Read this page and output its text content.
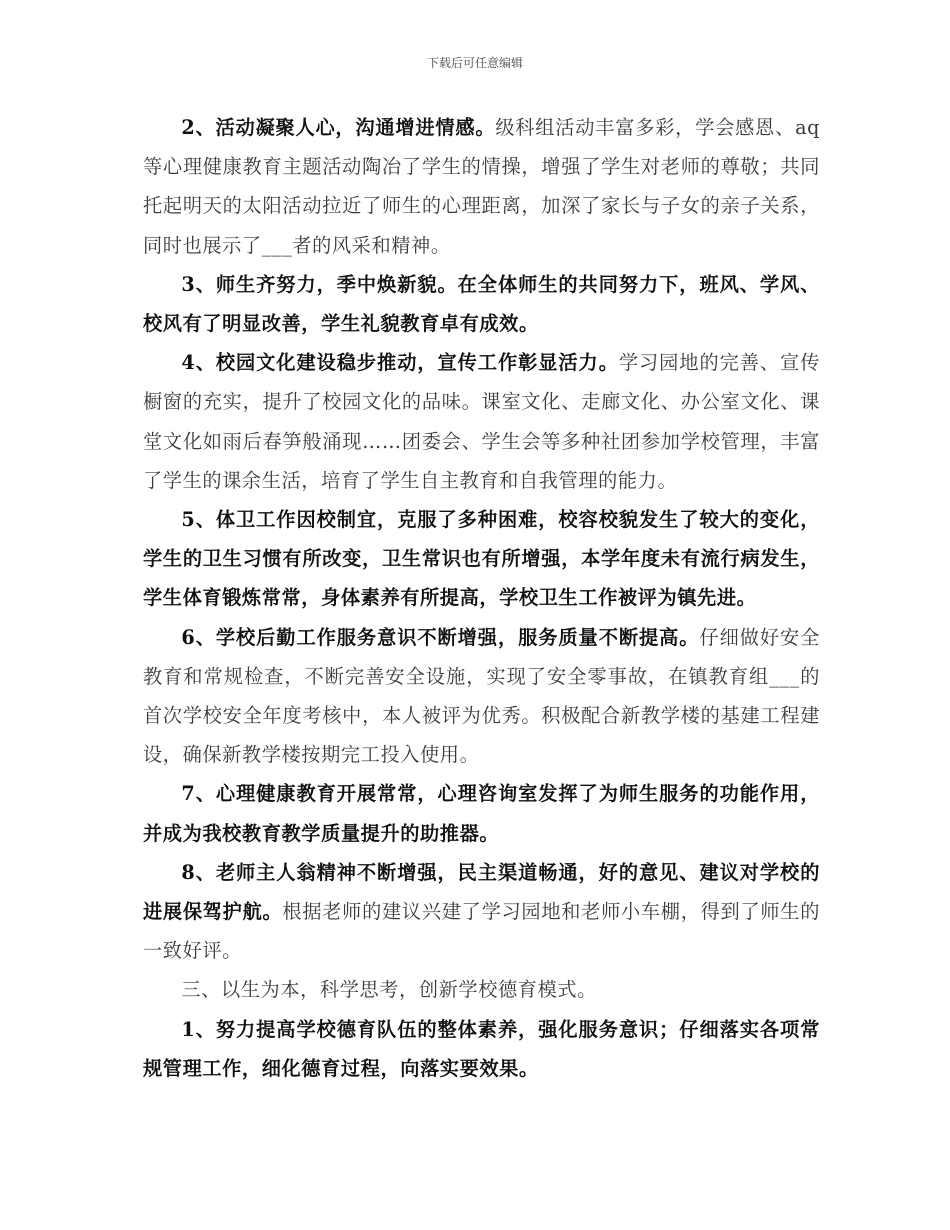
下载后可任意编辑

2、活动凝聚人心，沟通增进情感。级科组活动丰富多彩，学会感恩、aq等心理健康教育主题活动陶冶了学生的情操，增强了学生对老师的尊敬；共同托起明天的太阳活动拉近了师生的心理距离，加深了家长与子女的亲子关系，同时也展示了___者的风采和精神。

3、师生齐努力，季中焕新貌。在全体师生的共同努力下，班风、学风、校风有了明显改善，学生礼貌教育卓有成效。

4、校园文化建设稳步推动，宣传工作彰显活力。学习园地的完善、宣传橱窗的充实，提升了校园文化的品味。课室文化、走廊文化、办公室文化、课堂文化如雨后春笋般涌现……团委会、学生会等多种社团参加学校管理，丰富了学生的课余生活，培育了学生自主教育和自我管理的能力。

5、体卫工作因校制宜，克服了多种困难，校容校貌发生了较大的变化，学生的卫生习惯有所改变，卫生常识也有所增强，本学年度未有流行病发生，学生体育锻炼常常，身体素养有所提高，学校卫生工作被评为镇先进。

6、学校后勤工作服务意识不断增强，服务质量不断提高。仔细做好安全教育和常规检查，不断完善安全设施，实现了安全零事故，在镇教育组___的首次学校安全年度考核中，本人被评为优秀。积极配合新教学楼的基建工程建设，确保新教学楼按期完工投入使用。

7、心理健康教育开展常常，心理咨询室发挥了为师生服务的功能作用，并成为我校教育教学质量提升的助推器。

8、老师主人翁精神不断增强，民主渠道畅通，好的意见、建议对学校的进展保驾护航。根据老师的建议兴建了学习园地和老师小车棚，得到了师生的一致好评。

三、以生为本，科学思考，创新学校德育模式。

1、努力提高学校德育队伍的整体素养，强化服务意识；仔细落实各项常规管理工作，细化德育过程，向落实要效果。
